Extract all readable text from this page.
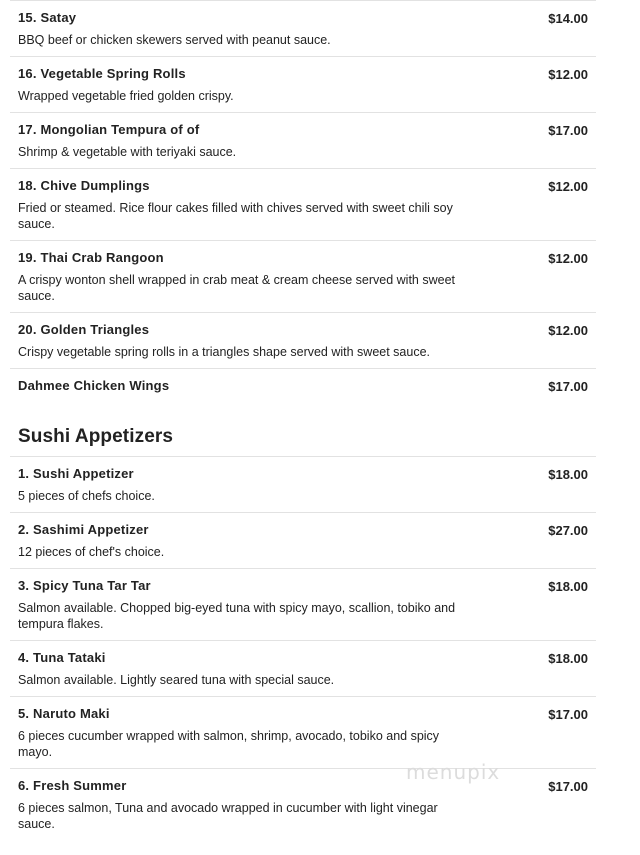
15. Satay	$14.00
BBQ beef or chicken skewers served with peanut sauce.
16. Vegetable Spring Rolls	$12.00
Wrapped vegetable fried golden crispy.
17. Mongolian Tempura of of	$17.00
Shrimp & vegetable with teriyaki sauce.
18. Chive Dumplings	$12.00
Fried or steamed. Rice flour cakes filled with chives served with sweet chili soy sauce.
19. Thai Crab Rangoon	$12.00
A crispy wonton shell wrapped in crab meat & cream cheese served with sweet sauce.
20. Golden Triangles	$12.00
Crispy vegetable spring rolls in a triangles shape served with sweet sauce.
Dahmee Chicken Wings	$17.00
Sushi Appetizers
1. Sushi Appetizer	$18.00
5 pieces of chefs choice.
2. Sashimi Appetizer	$27.00
12 pieces of chef's choice.
3. Spicy Tuna Tar Tar	$18.00
Salmon available. Chopped big-eyed tuna with spicy mayo, scallion, tobiko and tempura flakes.
4. Tuna Tataki	$18.00
Salmon available. Lightly seared tuna with special sauce.
5. Naruto Maki	$17.00
6 pieces cucumber wrapped with salmon, shrimp, avocado, tobiko and spicy mayo.
6. Fresh Summer	$17.00
6 pieces salmon, Tuna and avocado wrapped in cucumber with light vinegar sauce.
menupix
